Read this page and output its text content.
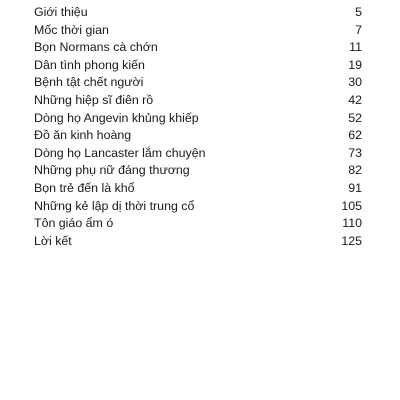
Giới thiệu	5
Mốc thời gian	7
Bọn Normans cà chớn	11
Dân tình phong kiến	19
Bệnh tật chết người	30
Những hiệp sĩ điên rồ	42
Dòng họ Angevin khủng khiếp	52
Đồ ăn kinh hoàng	62
Dòng họ Lancaster lắm chuyện	73
Những phụ nữ đáng thương	82
Bọn trẻ đến là khổ	91
Những kẻ lập dị thời trung cổ	105
Tôn giáo ẩm ó	110
Lời kết	125
